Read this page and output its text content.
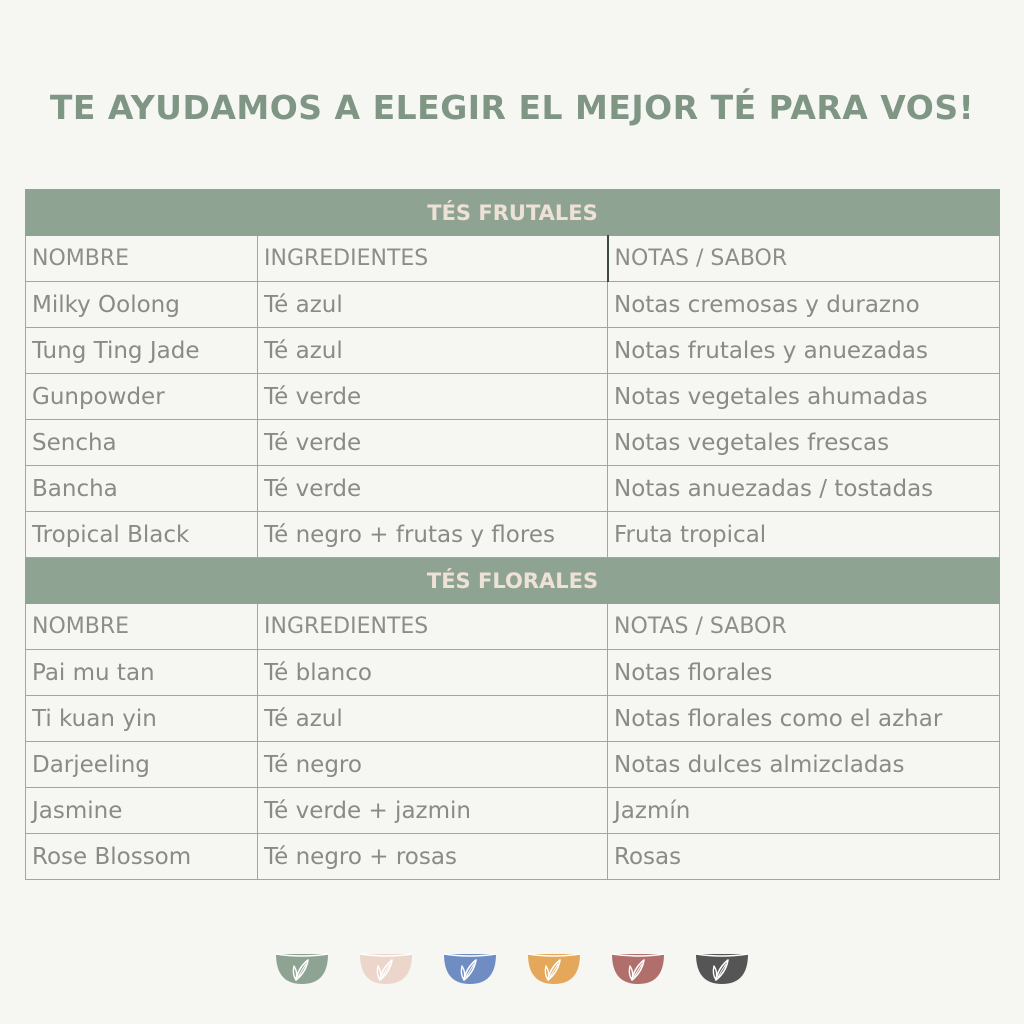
TE AYUDAMOS A ELEGIR EL MEJOR TÉ PARA VOS!
TÉS FRUTALES		
NOMBRE	INGREDIENTES	NOTAS / SABOR
Milky Oolong	Té azul	Notas cremosas y durazno
Tung Ting Jade	Té azul	Notas frutales y anuezadas
Gunpowder	Té verde	Notas vegetales ahumadas
Sencha	Té verde	Notas vegetales frescas
Bancha	Té verde	Notas anuezadas / tostadas
Tropical Black	Té negro + frutas y flores	Fruta tropical
TÉS FLORALES		
NOMBRE	INGREDIENTES	NOTAS / SABOR
Pai mu tan	Té blanco	Notas florales
Ti kuan yin	Té azul	Notas florales como el azhar
Darjeeling	Té negro	Notas dulces almizcladas
Jasmine	Té verde + jazmin	Jazmín
Rose Blossom	Té negro + rosas	Rosas
